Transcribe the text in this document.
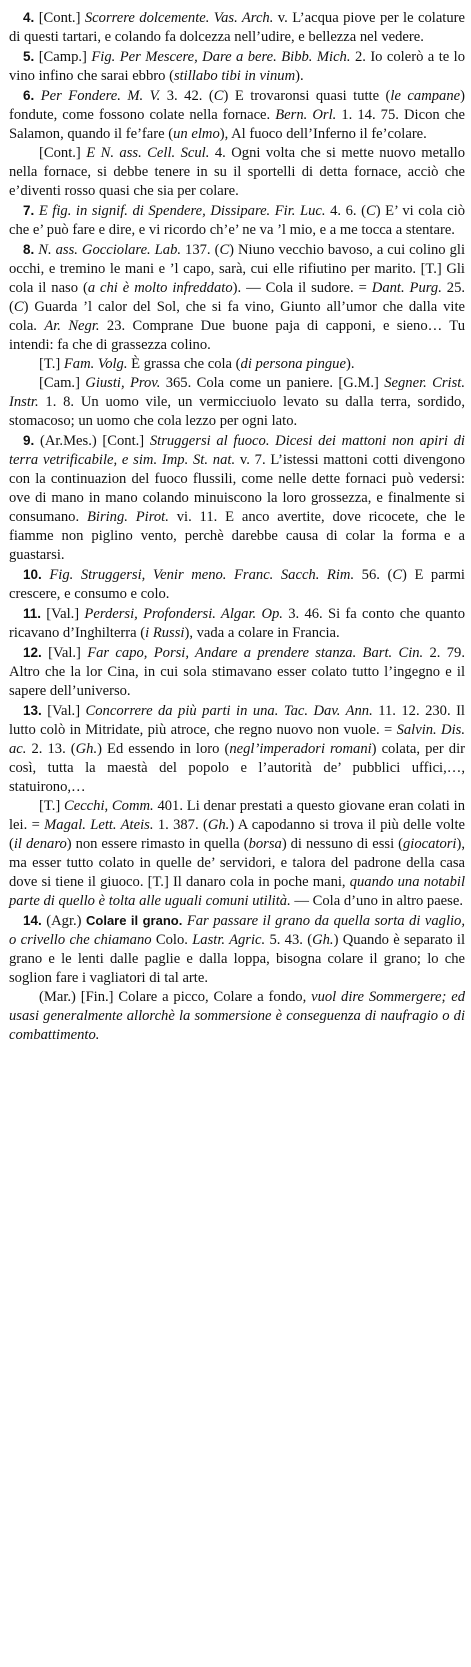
4. [Cont.] Scorrere dolcemente. Vas. Arch. v. L’acqua piove per le colature di questi tartari, e colando fa dolcezza nell’udire, e bellezza nel vedere.

5. [Camp.] Fig. Per Mescere, Dare a bere. Bibb. Mich. 2. Io colerò a te lo vino infino che sarai ebbro (stillabo tibi in vinum).

6. Per Fondere. M. V. 3. 42. (C) E trovaronsi quasi tutte (le campane) fondute, come fossono colate nella fornace. Bern. Orl. 1. 14. 75. Dicon che Salamon, quando il fe’fare (un elmo), Al fuoco dell’Inferno il fe’colare.

[Cont.] E N. ass. Cell. Scul. 4. Ogni volta che si mette nuovo metallo nella fornace, si debbe tenere in su il sportelli di detta fornace, acciò che e’diventi rosso quasi che sia per colare.

7. E fig. in signif. di Spendere, Dissipare. Fir. Luc. 4. 6. (C) E’ vi cola ciò che e’ può fare e dire, e vi ricordo ch’e’ ne va ’l mio, e a me tocca a stentare.

8. N. ass. Gocciolare. Lab. 137. (C) Niuno vecchio bavoso, a cui colino gli occhi, e tremino le mani e ’l capo, sarà, cui elle rifiutino per marito. [T.] Gli cola il naso (a chi è molto infreddato). — Cola il sudore. = Dant. Purg. 25. (C) Guarda ’l calor del Sol, che si fa vino, Giunto all’umor che dalla vite cola. Ar. Negr. 23. Comprane Due buone paja di capponi, e sieno… Tu intendi: fa che di grassezza colino.

[T.] Fam. Volg. È grassa che cola (di persona pingue).

[Cam.] Giusti, Prov. 365. Cola come un paniere. [G.M.] Segner. Crist. Instr. 1. 8. Un uomo vile, un vermicciuolo levato su dalla terra, sordido, stomacoso; un uomo che cola lezzo per ogni lato.

9. (Ar.Mes.) [Cont.] Struggersi al fuoco. Dicesi dei mattoni non apiri di terra vetrificabile, e sim. Imp. St. nat. v. 7. L’istessi mattoni cotti divengono con la continuazion del fuoco flussili, come nelle dette fornaci può vedersi: ove di mano in mano colando minuiscono la loro grossezza, e finalmente si consumano. Biring. Pirot. vi. 11. E anco avertite, dove ricocete, che le fiamme non piglino vento, perchè darebbe causa di colar la forma e a guastarsi.

10. Fig. Struggersi, Venir meno. Franc. Sacch. Rim. 56. (C) E parmi crescere, e consumo e colo.

11. [Val.] Perdersi, Profondersi. Algar. Op. 3. 46. Si fa conto che quanto ricavano d’Inghilterra (i Russi), vada a colare in Francia.

12. [Val.] Far capo, Porsi, Andare a prendere stanza. Bart. Cin. 2. 79. Altro che la lor Cina, in cui sola stimavano esser colato tutto l’ingegno e il sapere dell’universo.

13. [Val.] Concorrere da più parti in una. Tac. Dav. Ann. 11. 12. 230. Il lutto colò in Mitridate, più atroce, che regno nuovo non vuole. = Salvin. Dis. ac. 2. 13. (Gh.) Ed essendo in loro (negl’imperadori romani) colata, per dir così, tutta la maestà del popolo e l’autorità de’ pubblici uffici,…, statuirono,…

[T.] Cecchi, Comm. 401. Li denar prestati a questo giovane eran colati in lei. = Magal. Lett. Ateis. 1. 387. (Gh.) A capodanno si trova il più delle volte (il denaro) non essere rimasto in quella (borsa) di nessuno di essi (giocatori), ma esser tutto colato in quelle de’ servidori, e talora del padrone della casa dove si tiene il giuoco. [T.] Il danaro cola in poche mani, quando una notabil parte di quello è tolta alle uguali comuni utilità. — Cola d’uno in altro paese.

14. (Agr.) Colare il grano. Far passare il grano da quella sorta di vaglio, o crivello che chiamano Colo. Lastr. Agric. 5. 43. (Gh.) Quando è separato il grano e le lenti dalle paglie e dalla loppa, bisogna colare il grano; lo che soglion fare i vagliatori di tal arte.

(Mar.) [Fin.] Colare a picco, Colare a fondo, vuol dire Sommergere; ed usasi generalmente allorchè la sommersione è conseguenza di naufragio o di combattimento.
